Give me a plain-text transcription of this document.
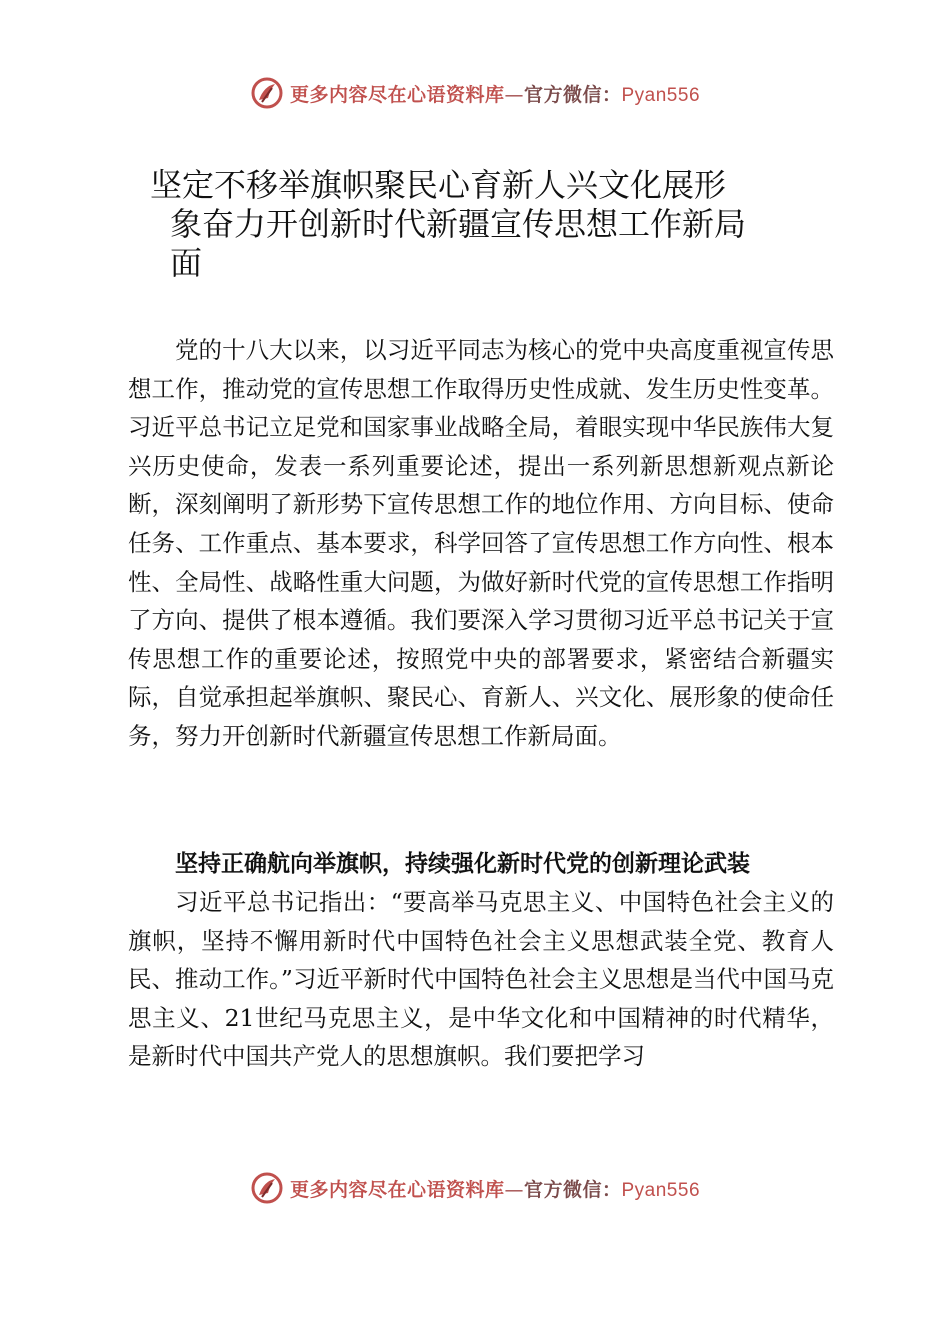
更多内容尽在心语资料库—官方微信：Pyan556
坚定不移举旗帜聚民心育新人兴文化展形
象奋力开创新时代新疆宣传思想工作新局
面

党的十八大以来，以习近平同志为核心的党中央高度重视宣传思想工作，推动党的宣传思想工作取得历史性成就、发生历史性变革。习近平总书记立足党和国家事业战略全局，着眼实现中华民族伟大复兴历史使命，发表一系列重要论述，提出一系列新思想新观点新论断，深刻阐明了新形势下宣传思想工作的地位作用、方向目标、使命任务、工作重点、基本要求，科学回答了宣传思想工作方向性、根本性、全局性、战略性重大问题，为做好新时代党的宣传思想工作指明了方向、提供了根本遵循。我们要深入学习贯彻习近平总书记关于宣传思想工作的重要论述，按照党中央的部署要求，紧密结合新疆实际，自觉承担起举旗帜、聚民心、育新人、兴文化、展形象的使命任务，努力开创新时代新疆宣传思想工作新局面。

坚持正确航向举旗帜，持续强化新时代党的创新理论武装

习近平总书记指出：“要高举马克思主义、中国特色社会主义的旗帜，坚持不懈用新时代中国特色社会主义思想武装全党、教育人民、推动工作。”习近平新时代中国特色社会主义思想是当代中国马克思主义、21世纪马克思主义，是中华文化和中国精神的时代精华，是新时代中国共产党人的思想旗帜。我们要把学习

更多内容尽在心语资料库—官方微信：Pyan556
